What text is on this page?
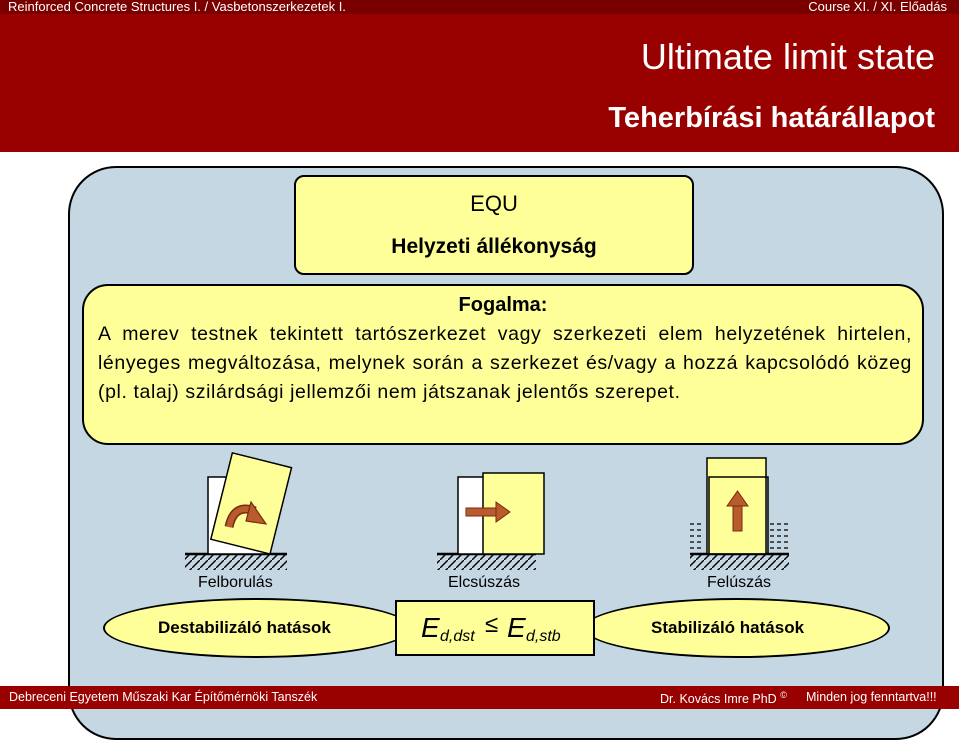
Reinforced Concrete Structures I. / Vasbetonszerkezetek I.	Course XI. / XI. Előadás
Ultimate limit state
Teherbírási határállapot
EQU
Helyzeti állékonyság
Fogalma:
A merev testnek tekintett tartószerkezet vagy szerkezeti elem helyzetének hirtelen, lényeges megváltozása, melynek során a szerkezet és/vagy a hozzá kapcsolódó közeg (pl. talaj) szilárdsági jellemzői nem játszanak jelentős szerepet.
Felborulás	Elcsúszás	Felúszás
Destabilizáló hatások	Stabilizáló hatások
E d,dst ≤ E d,stb
Debreceni Egyetem Műszaki Kar Építőmérnöki Tanszék	Dr. Kovács Imre PhD © Minden jog fenntartva!!!
